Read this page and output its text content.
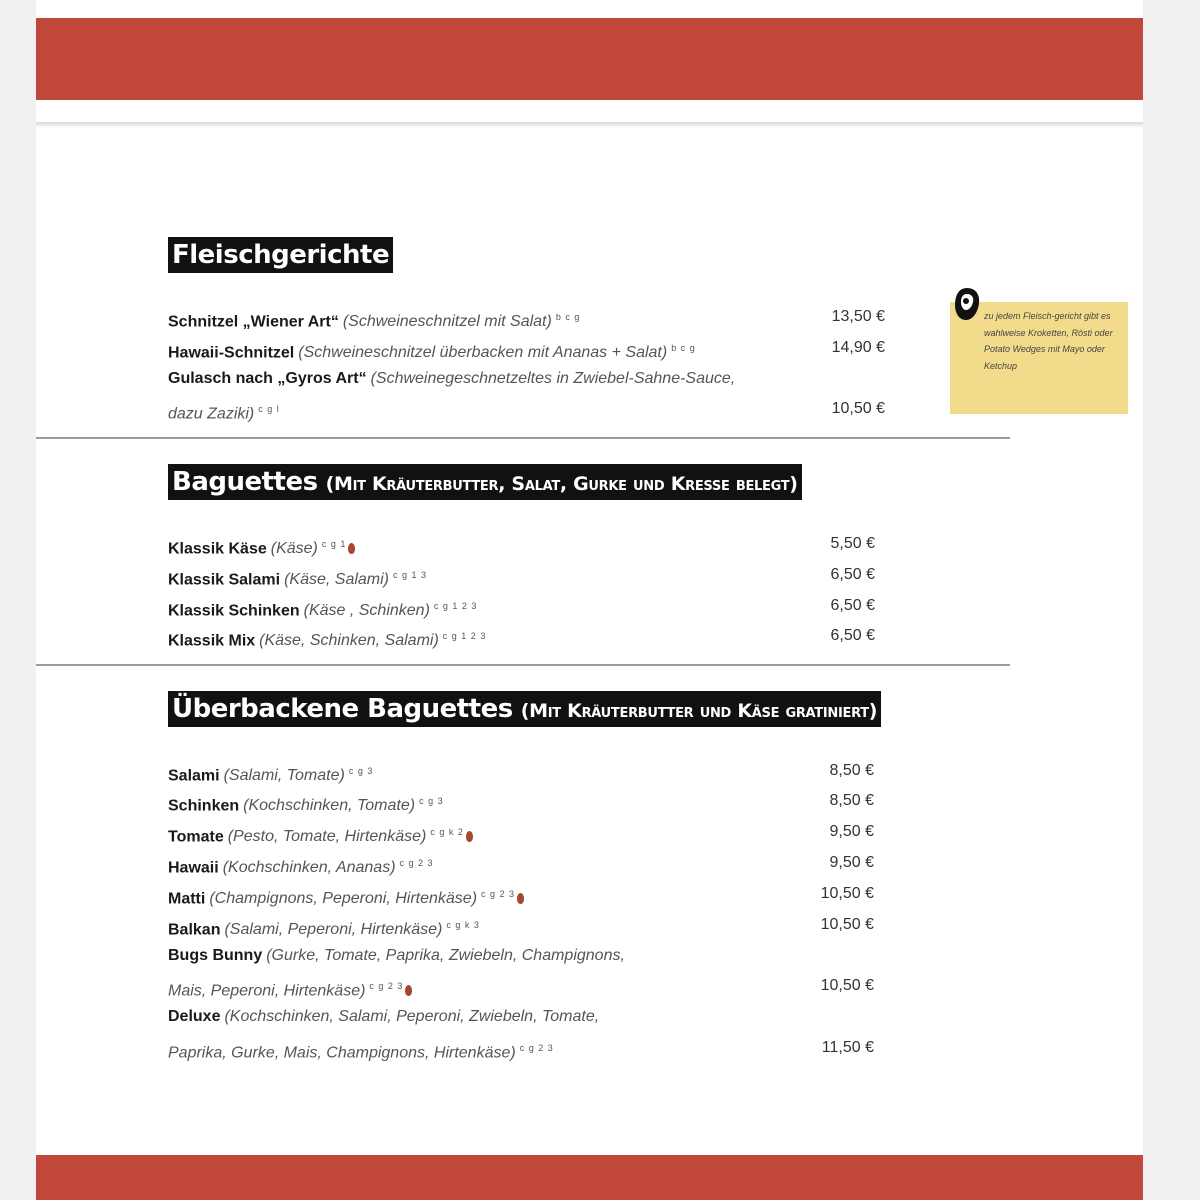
Fleischgerichte
Schnitzel „Wiener Art“ (Schweineschnitzel mit Salat) $^{b c g}$	13,50 €
Hawaii-Schnitzel (Schweineschnitzel überbacken mit Ananas + Salat) $^{b c g}$	14,90 €
Gulasch nach „Gyros Art“ (Schweinegeschnetzeltes in Zwiebel-Sahne-Sauce,
dazu Zaziki) $^{c g l}$	10,50 €
zu jedem Fleisch-gericht gibt es wahlweise Kroketten, Rösti oder Potato Wedges mit Mayo oder Ketchup
Baguettes (Mit Kräuterbutter, Salat, Gurke und Kresse belegt)
Klassik Käse (Käse) $^{c g 1}$	5,50 €
Klassik Salami (Käse, Salami) $^{c g 1 3}$	6,50 €
Klassik Schinken (Käse , Schinken) $^{c g 1 2 3}$	6,50 €
Klassik Mix (Käse, Schinken, Salami) $^{c g 1 2 3}$	6,50 €
Überbackene Baguettes (Mit Kräuterbutter und Käse gratiniert)
Salami (Salami, Tomate) $^{c g 3}$	8,50 €
Schinken (Kochschinken, Tomate) $^{c g 3}$	8,50 €
Tomate (Pesto, Tomate, Hirtenkäse) $^{c g k 2}$	9,50 €
Hawaii (Kochschinken, Ananas) $^{c g 2 3}$	9,50 €
Matti (Champignons, Peperoni, Hirtenkäse) $^{c g 2 3}$	10,50 €
Balkan (Salami, Peperoni, Hirtenkäse) $^{c g k 3}$	10,50 €
Bugs Bunny (Gurke, Tomate, Paprika, Zwiebeln, Champignons,
Mais, Peperoni, Hirtenkäse) $^{c g 2 3}$	10,50 €
Deluxe (Kochschinken, Salami, Peperoni, Zwiebeln, Tomate,
Paprika, Gurke, Mais, Champignons, Hirtenkäse) $^{c g 2 3}$	11,50 €
